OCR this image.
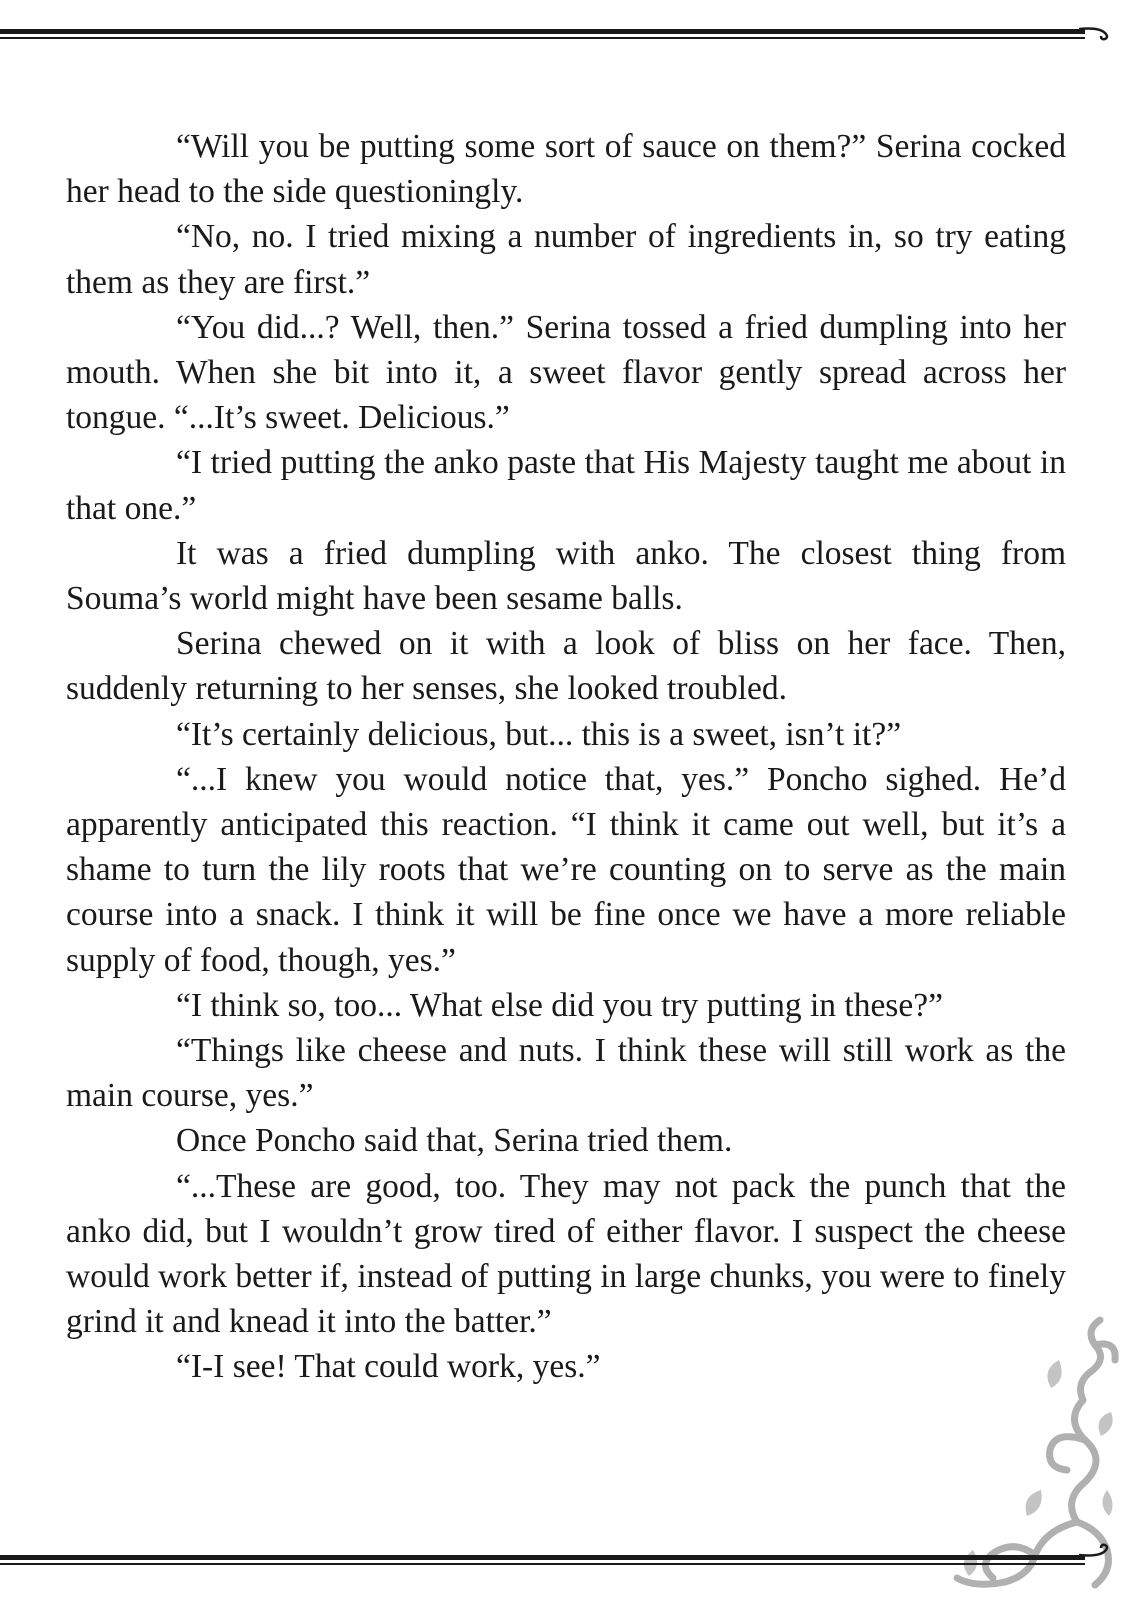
“Will you be putting some sort of sauce on them?” Serina cocked her head to the side questioningly.

“No, no. I tried mixing a number of ingredients in, so try eating them as they are first.”

“You did...? Well, then.” Serina tossed a fried dumpling into her mouth. When she bit into it, a sweet flavor gently spread across her tongue. “...It’s sweet. Delicious.”

“I tried putting the anko paste that His Majesty taught me about in that one.”

It was a fried dumpling with anko. The closest thing from Souma’s world might have been sesame balls.

Serina chewed on it with a look of bliss on her face. Then, suddenly returning to her senses, she looked troubled.

“It’s certainly delicious, but... this is a sweet, isn’t it?”

“...I knew you would notice that, yes.” Poncho sighed. He’d apparently anticipated this reaction. “I think it came out well, but it’s a shame to turn the lily roots that we’re counting on to serve as the main course into a snack. I think it will be fine once we have a more reliable supply of food, though, yes.”

“I think so, too... What else did you try putting in these?”

“Things like cheese and nuts. I think these will still work as the main course, yes.”

Once Poncho said that, Serina tried them.

“...These are good, too. They may not pack the punch that the anko did, but I wouldn’t grow tired of either flavor. I suspect the cheese would work better if, instead of putting in large chunks, you were to finely grind it and knead it into the batter.”

“I-I see! That could work, yes.”
